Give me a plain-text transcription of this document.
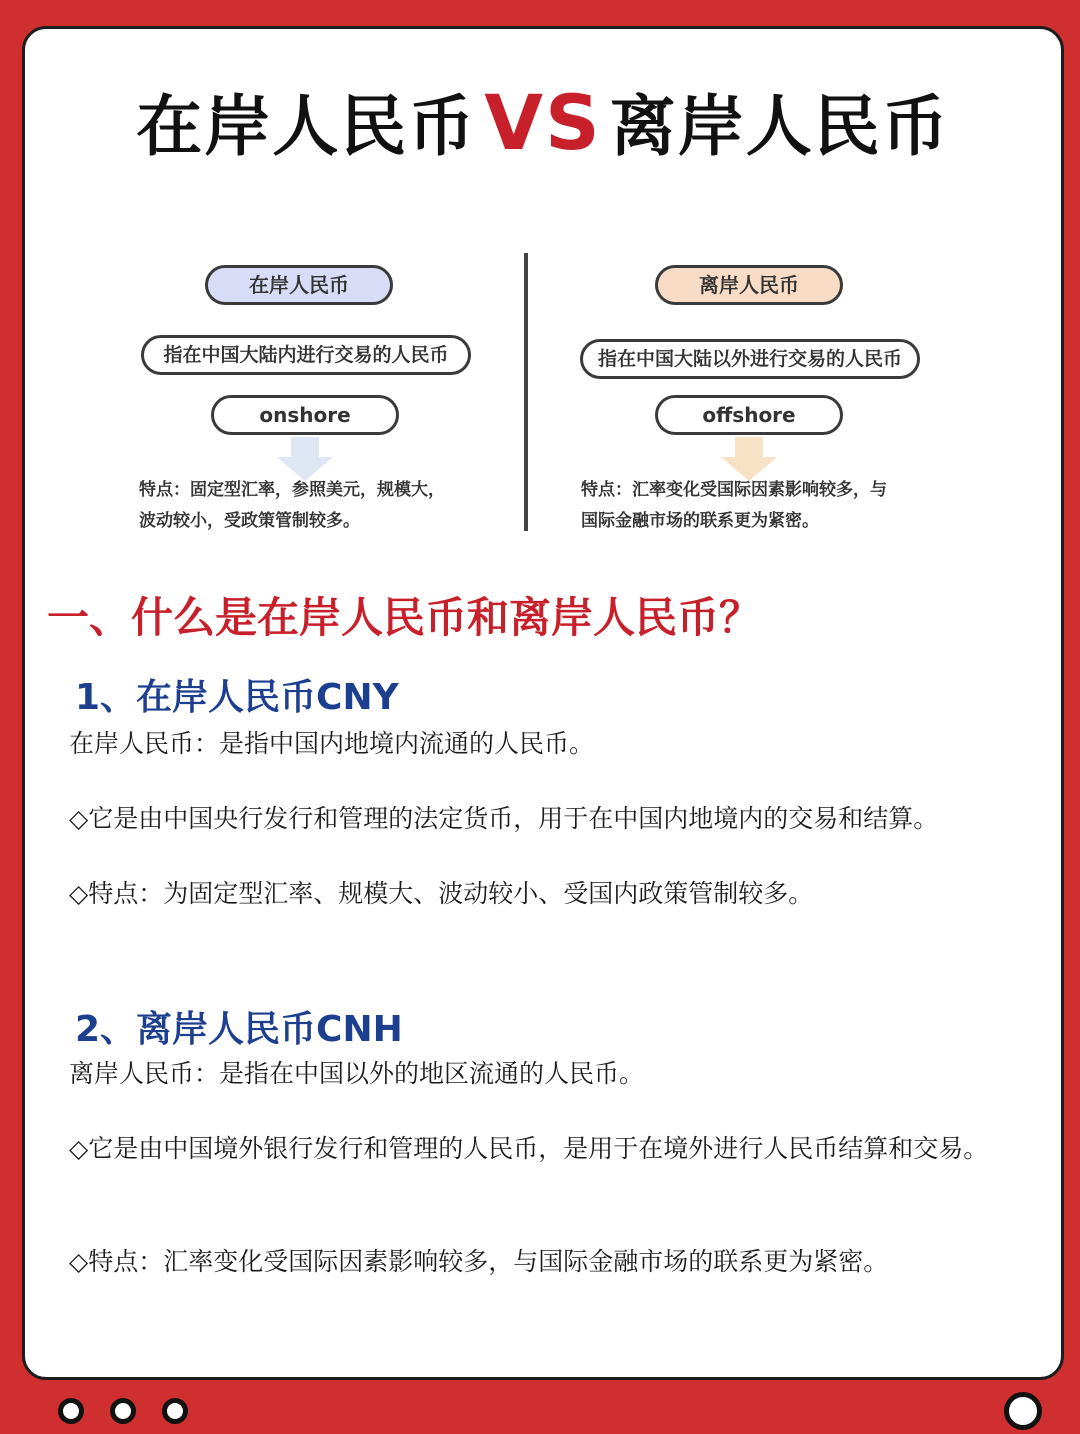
在岸人民币 VS 离岸人民币
在岸人民币
指在中国大陆内进行交易的人民币
onshore
特点：固定型汇率，参照美元，规模大，
波动较小，受政策管制较多。
离岸人民币
指在中国大陆以外进行交易的人民币
offshore
特点：汇率变化受国际因素影响较多，与
国际金融市场的联系更为紧密。
一、什么是在岸人民币和离岸人民币？
1、在岸人民币CNY
在岸人民币：是指中国内地境内流通的人民币。
◇它是由中国央行发行和管理的法定货币，用于在中国内地境内的交易和结算。
◇特点：为固定型汇率、规模大、波动较小、受国内政策管制较多。
2、离岸人民币CNH
离岸人民币：是指在中国以外的地区流通的人民币。
◇它是由中国境外银行发行和管理的人民币，是用于在境外进行人民币结算和交易。
◇特点：汇率变化受国际因素影响较多，与国际金融市场的联系更为紧密。
